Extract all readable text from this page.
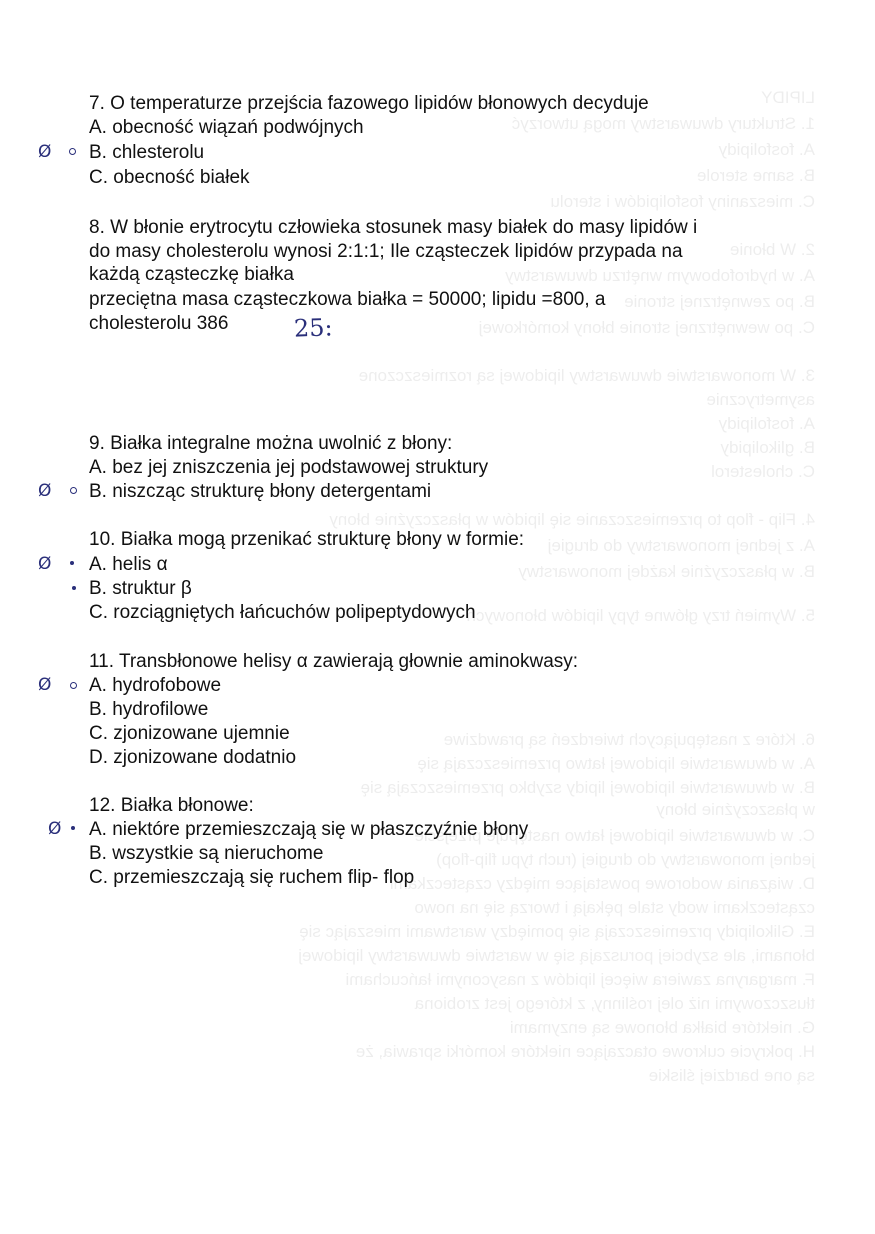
LIPIDY
1. Struktury dwuwarstwy mogą utworzyć
A. fosfolipidy
B. same sterole
C. mieszaniny fosfolipidów i sterolu
2. W błonie
A. w hydrofobowym wnętrzu dwuwarstwy
B. po zewnętrznej stronie
C. po wewnętrznej stronie błony komórkowej
3. W monowarstwie dwuwarstwy lipidowej są rozmieszczone
asymetrycznie
A. fosfolipidy
B. glikolipidy
C. cholesterol
4. Flip - flop to przemieszczanie się lipidów w płaszczyźnie błony
A. z jednej monowarstwy do drugiej
B. w płaszczyźnie każdej monowarstwy
5. Wymień trzy główne typy lipidów błonowych
6. Które z następujących twierdzeń są prawdziwe
A. w dwuwarstwie lipidowej łatwo przemieszczają się
B. w dwuwarstwie lipidowej lipidy szybko przemieszczają się
w płaszczyźnie błony
C. w dwuwarstwie lipidowej łatwo następuje przejście
jednej monowarstwy do drugiej (ruch typu flip-flop)
D. wiązania wodorowe powstające między cząsteczkami
cząsteczkami wody stale pękają i tworzą się na nowo
E. Glikolipidy przemieszczają się pomiędzy warstwami mieszając się
błonami, ale szybciej poruszają się w warstwie dwuwarstwy lipidowej
F. margaryna zawiera więcej lipidów z nasyconymi łańcuchami
tłuszczowymi niż olej roślinny, z którego jest zrobiona
G. niektóre białka błonowe są enzymami
H. pokrycie cukrowe otaczające niektóre komórki sprawia, że
są one bardziej śliskie
7. O temperaturze przejścia fazowego lipidów błonowych decyduje
A. obecność wiązań podwójnych
B. chlesterolu
C. obecność białek
8. W błonie erytrocytu człowieka stosunek masy białek do masy lipidów i
do masy cholesterolu wynosi 2:1:1; Ile cząsteczek lipidów przypada na
każdą cząsteczkę białka
przeciętna masa cząsteczkowa białka = 50000; lipidu =800, a
cholesterolu 386	25:
9. Białka integralne można uwolnić z błony:
A. bez jej zniszczenia jej podstawowej struktury
B. niszcząc strukturę błony detergentami
10. Białka mogą przenikać strukturę błony w formie:
A. helis α
B. struktur β
C. rozciągniętych łańcuchów polipeptydowych
11. Transbłonowe helisy α zawierają głownie aminokwasy:
A. hydrofobowe
B. hydrofilowe
C. zjonizowane ujemnie
D. zjonizowane dodatnio
12. Białka błonowe:
A. niektóre przemieszczają się w płaszczyźnie błony
B. wszystkie są nieruchome
C. przemieszczają się ruchem flip- flop
Ø
Ø
Ø
Ø
Ø
